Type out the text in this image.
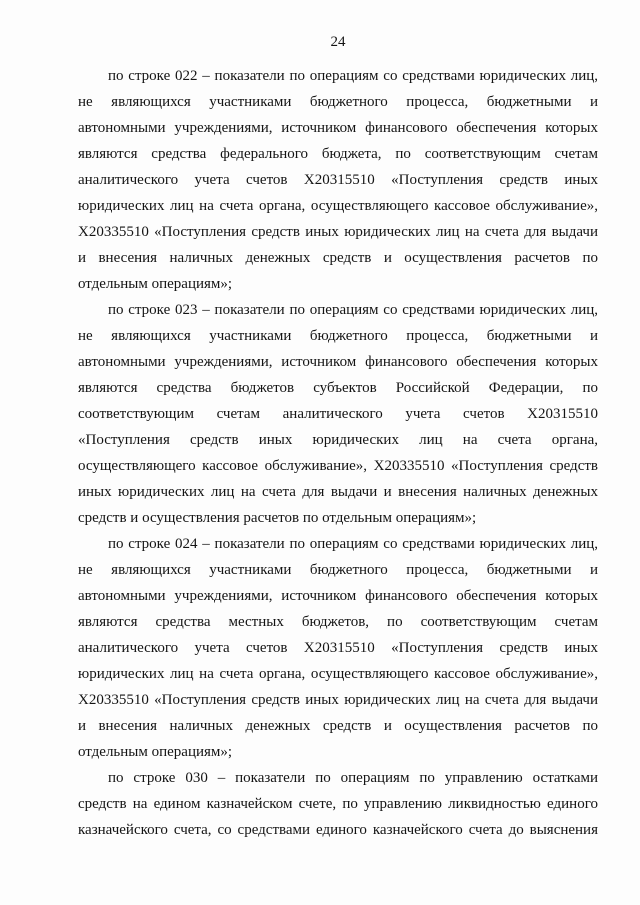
24
по строке 022 – показатели по операциям со средствами юридических лиц,
не являющихся участниками бюджетного процесса, бюджетными и
автономными учреждениями, источником финансового обеспечения которых
являются средства федерального бюджета, по соответствующим счетам
аналитического учета счетов Х20315510 «Поступления средств иных
юридических лиц на счета органа, осуществляющего кассовое обслуживание»,
Х20335510 «Поступления средств иных юридических лиц на счета для выдачи
и внесения наличных денежных средств и осуществления расчетов по
отдельным операциям»;
по строке 023 – показатели по операциям со средствами юридических лиц,
не являющихся участниками бюджетного процесса, бюджетными и
автономными учреждениями, источником финансового обеспечения которых
являются средства бюджетов субъектов Российской Федерации, по
соответствующим счетам аналитического учета счетов Х20315510
«Поступления средств иных юридических лиц на счета органа,
осуществляющего кассовое обслуживание», Х20335510 «Поступления средств
иных юридических лиц на счета для выдачи и внесения наличных денежных
средств и осуществления расчетов по отдельным операциям»;
по строке 024 – показатели по операциям со средствами юридических лиц,
не являющихся участниками бюджетного процесса, бюджетными и
автономными учреждениями, источником финансового обеспечения которых
являются средства местных бюджетов, по соответствующим счетам
аналитического учета счетов Х20315510 «Поступления средств иных
юридических лиц на счета органа, осуществляющего кассовое обслуживание»,
Х20335510 «Поступления средств иных юридических лиц на счета для выдачи
и внесения наличных денежных средств и осуществления расчетов по
отдельным операциям»;
по строке 030 – показатели по операциям по управлению остатками
средств на едином казначейском счете, по управлению ликвидностью единого
казначейского счета, со средствами единого казначейского счета до выяснения
